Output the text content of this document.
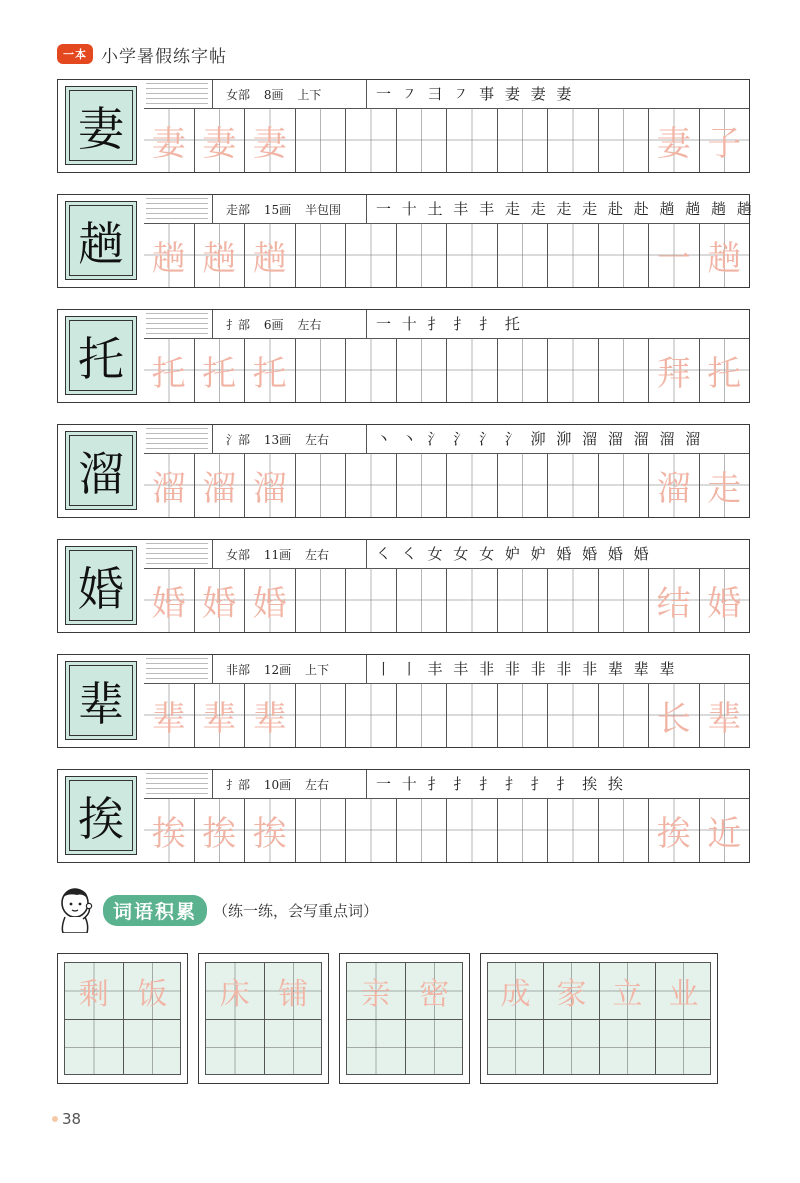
一本 小学暑假练字帖
妻
女部 8画 上下	一 ㇇ 彐 ㇇ 事 妻 妻 妻
妻 妻 妻	妻 子
趟
走部 15画 半包围	一 十 土 丰 丰 走 走 走 走 赴 赴 趟 趟 趟 趟
趟 趟 趟	一 趟
托
扌部 6画 左右	一 十 扌 扌 扌 托
托 托 托	拜 托
溜
氵部 13画 左右	丶 丶 氵 氵 氵 氵 泖 泖 溜 溜 溜 溜 溜
溜 溜 溜	溜 走
婚
女部 11画 左右	㇛ ㇛ 女 女 女 妒 妒 婚 婚 婚 婚
婚 婚 婚	结 婚
辈
非部 12画 上下	丨 丨 丰 丰 非 非 非 非 非 辈 辈 辈
辈 辈 辈	长 辈
挨
扌部 10画 左右	一 十 扌 扌 扌 扌 扌 扌 挨 挨
挨 挨 挨	挨 近
词语积累	（练一练，会写重点词）
剩 饭	床 铺	亲 密	成 家 立 业
38
